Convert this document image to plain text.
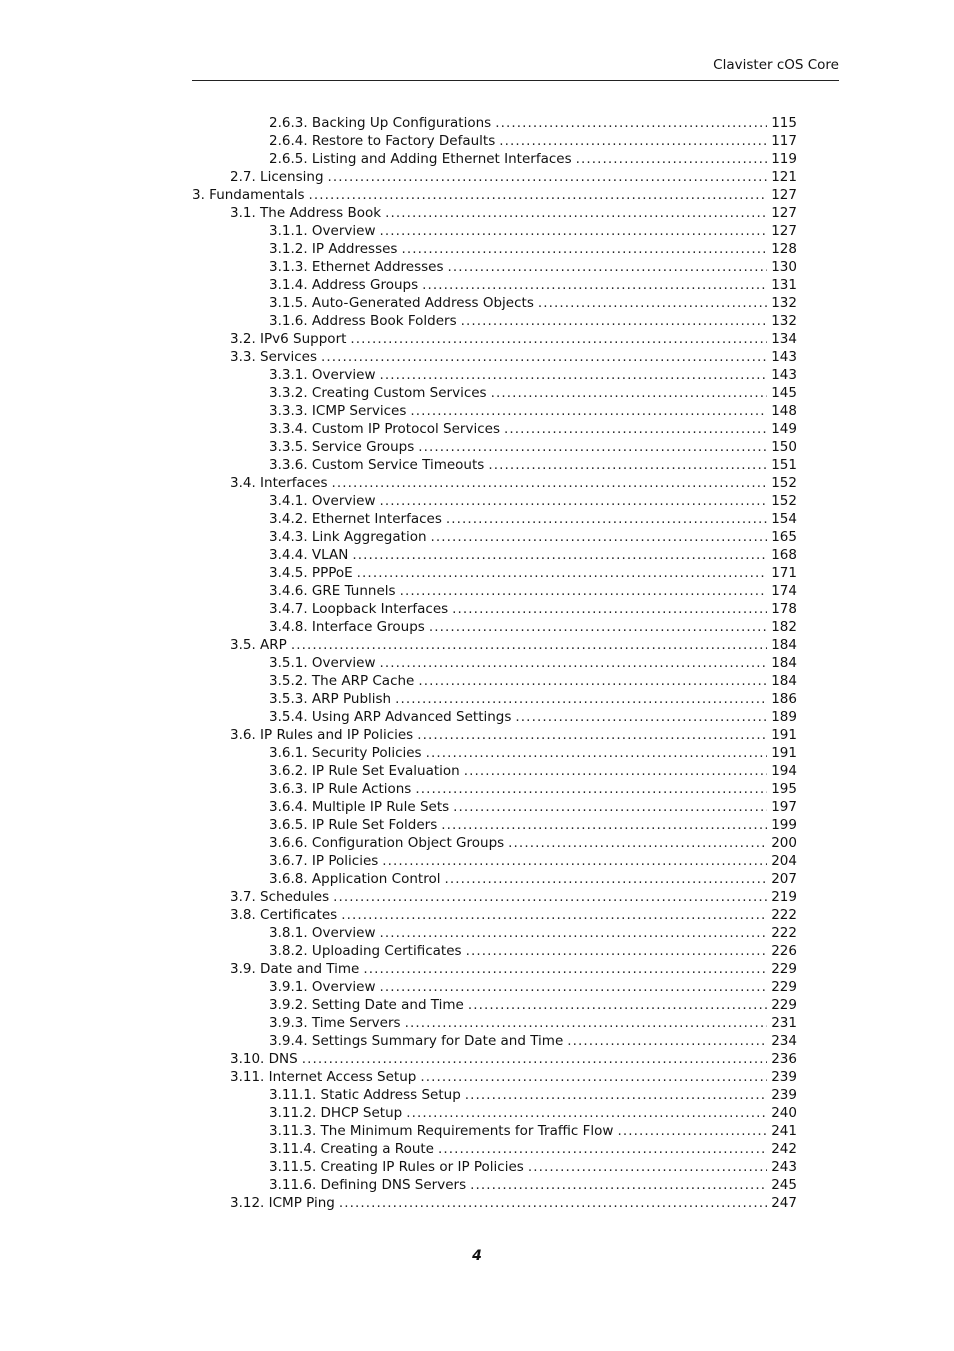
Clavister cOS Core
2.6.3. Backing Up Configurations . . .	115
2.6.4. Restore to Factory Defaults . . .	117
2.6.5. Listing and Adding Ethernet Interfaces . . .	119
2.7. Licensing . . .	121
3. Fundamentals . . .	127
3.1. The Address Book . . .	127
3.1.1. Overview . . .	127
3.1.2. IP Addresses . . .	128
3.1.3. Ethernet Addresses . . .	130
3.1.4. Address Groups . . .	131
3.1.5. Auto-Generated Address Objects . . .	132
3.1.6. Address Book Folders . . .	132
3.2. IPv6 Support . . .	134
3.3. Services . . .	143
3.3.1. Overview . . .	143
3.3.2. Creating Custom Services . . .	145
3.3.3. ICMP Services . . .	148
3.3.4. Custom IP Protocol Services . . .	149
3.3.5. Service Groups . . .	150
3.3.6. Custom Service Timeouts . . .	151
3.4. Interfaces . . .	152
3.4.1. Overview . . .	152
3.4.2. Ethernet Interfaces . . .	154
3.4.3. Link Aggregation . . .	165
3.4.4. VLAN . . .	168
3.4.5. PPPoE . . .	171
3.4.6. GRE Tunnels . . .	174
3.4.7. Loopback Interfaces . . .	178
3.4.8. Interface Groups . . .	182
3.5. ARP . . .	184
3.5.1. Overview . . .	184
3.5.2. The ARP Cache . . .	184
3.5.3. ARP Publish . . .	186
3.5.4. Using ARP Advanced Settings . . .	189
3.6. IP Rules and IP Policies . . .	191
3.6.1. Security Policies . . .	191
3.6.2. IP Rule Set Evaluation . . .	194
3.6.3. IP Rule Actions . . .	195
3.6.4. Multiple IP Rule Sets . . .	197
3.6.5. IP Rule Set Folders . . .	199
3.6.6. Configuration Object Groups . . .	200
3.6.7. IP Policies . . .	204
3.6.8. Application Control . . .	207
3.7. Schedules . . .	219
3.8. Certificates . . .	222
3.8.1. Overview . . .	222
3.8.2. Uploading Certificates . . .	226
3.9. Date and Time . . .	229
3.9.1. Overview . . .	229
3.9.2. Setting Date and Time . . .	229
3.9.3. Time Servers . . .	231
3.9.4. Settings Summary for Date and Time . . .	234
3.10. DNS . . .	236
3.11. Internet Access Setup . . .	239
3.11.1. Static Address Setup . . .	239
3.11.2. DHCP Setup . . .	240
3.11.3. The Minimum Requirements for Traffic Flow . . .	241
3.11.4. Creating a Route . . .	242
3.11.5. Creating IP Rules or IP Policies . . .	243
3.11.6. Defining DNS Servers . . .	245
3.12. ICMP Ping . . .	247
4
